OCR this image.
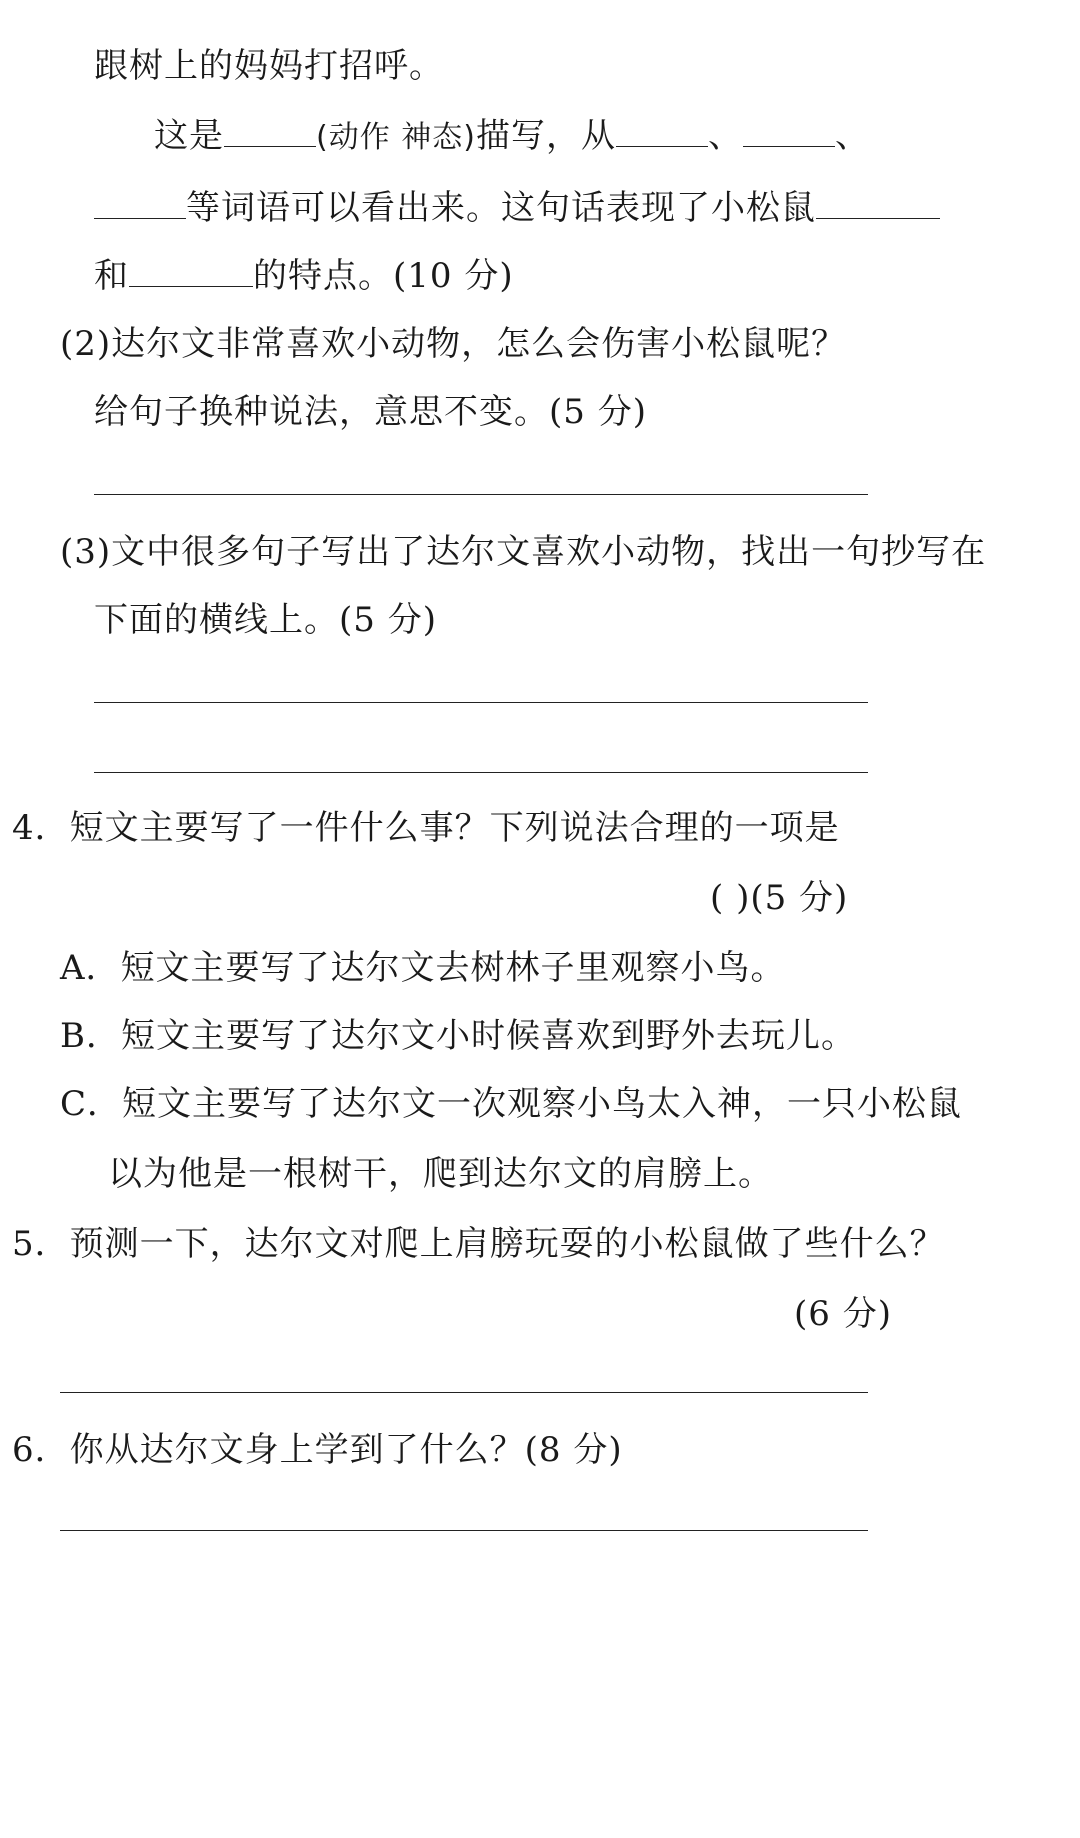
跟树上的妈妈打招呼。
这是	(动作 神态)描写，从	、	、
等词语可以看出来。这句话表现了小松鼠
和	的特点。(10 分)
(2)达尔文非常喜欢小动物，怎么会伤害小松鼠呢？
给句子换种说法，意思不变。(5 分)
(3)文中很多句子写出了达尔文喜欢小动物，找出一句抄写在
下面的横线上。(5 分)
4．短文主要写了一件什么事？下列说法合理的一项是
( )(5 分)
A．短文主要写了达尔文去树林子里观察小鸟。
B．短文主要写了达尔文小时候喜欢到野外去玩儿。
C．短文主要写了达尔文一次观察小鸟太入神，一只小松鼠
以为他是一根树干，爬到达尔文的肩膀上。
5．预测一下，达尔文对爬上肩膀玩耍的小松鼠做了些什么？
(6 分)
6．你从达尔文身上学到了什么？(8 分)
